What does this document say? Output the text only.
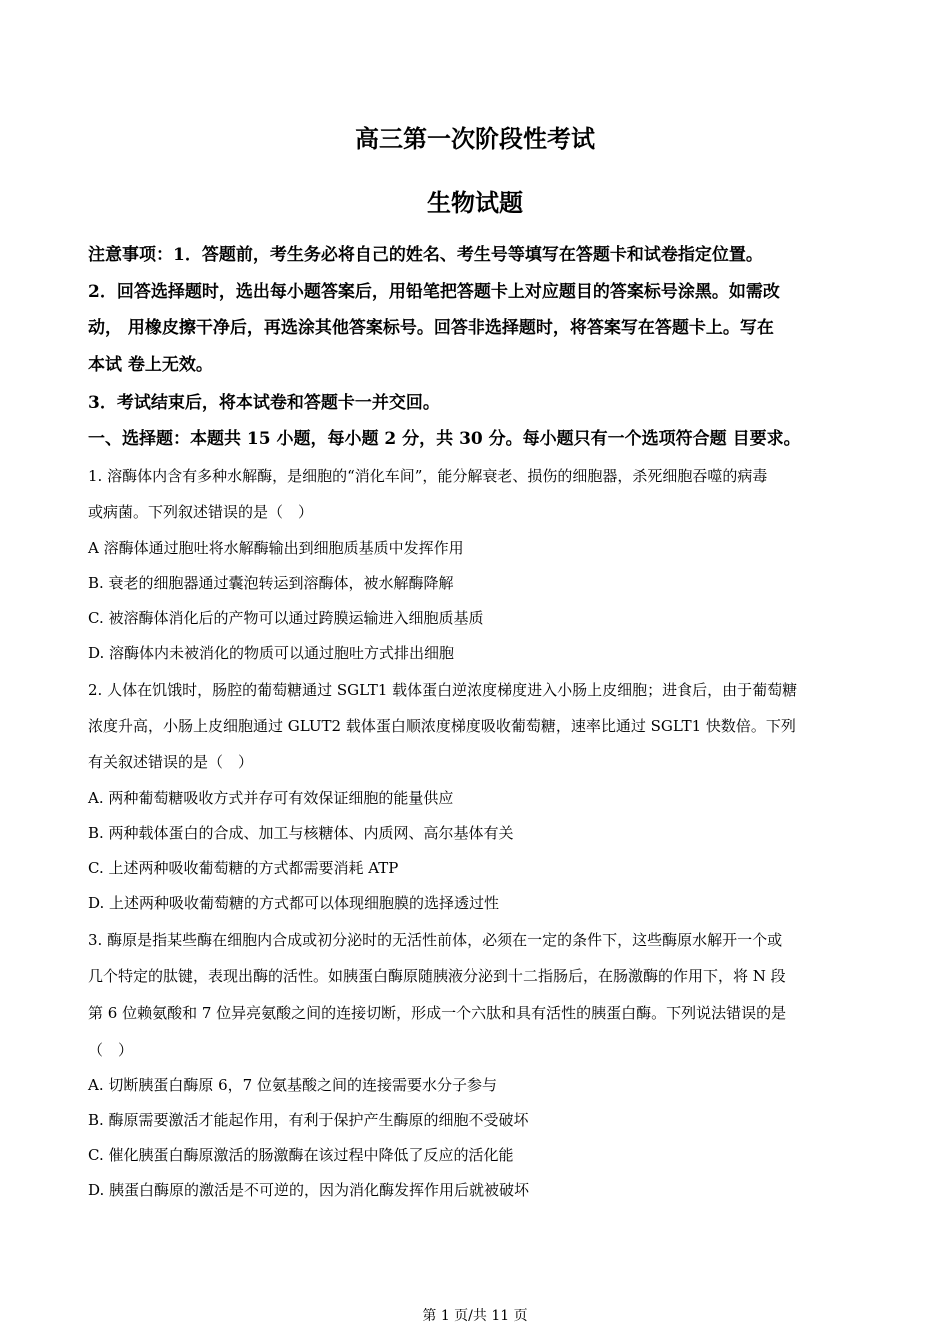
高三第一次阶段性考试
生物试题
注意事项：1．答题前，考生务必将自己的姓名、考生号等填写在答题卡和试卷指定位置。
2．回答选择题时，选出每小题答案后，用铅笔把答题卡上对应题目的答案标号涂黑。如需改
动， 用橡皮擦干净后，再选涂其他答案标号。回答非选择题时，将答案写在答题卡上。写在
本试 卷上无效。
3．考试结束后，将本试卷和答题卡一并交回。
一、选择题：本题共 15 小题，每小题 2 分，共 30 分。每小题只有一个选项符合题 目要求。
1. 溶酶体内含有多种水解酶，是细胞的“消化车间”，能分解衰老、损伤的细胞器，杀死细胞吞噬的病毒
或病菌。下列叙述错误的是（　）
A 溶酶体通过胞吐将水解酶输出到细胞质基质中发挥作用
B. 衰老的细胞器通过囊泡转运到溶酶体，被水解酶降解
C. 被溶酶体消化后的产物可以通过跨膜运输进入细胞质基质
D. 溶酶体内未被消化的物质可以通过胞吐方式排出细胞
2. 人体在饥饿时，肠腔的葡萄糖通过 SGLT1 载体蛋白逆浓度梯度进入小肠上皮细胞；进食后，由于葡萄糖
浓度升高，小肠上皮细胞通过 GLUT2 载体蛋白顺浓度梯度吸收葡萄糖，速率比通过 SGLT1 快数倍。下列
有关叙述错误的是（　）
A. 两种葡萄糖吸收方式并存可有效保证细胞的能量供应
B. 两种载体蛋白的合成、加工与核糖体、内质网、高尔基体有关
C. 上述两种吸收葡萄糖的方式都需要消耗 ATP
D. 上述两种吸收葡萄糖的方式都可以体现细胞膜的选择透过性
3. 酶原是指某些酶在细胞内合成或初分泌时的无活性前体，必须在一定的条件下，这些酶原水解开一个或
几个特定的肽键，表现出酶的活性。如胰蛋白酶原随胰液分泌到十二指肠后，在肠激酶的作用下，将 N 段
第 6 位赖氨酸和 7 位异亮氨酸之间的连接切断，形成一个六肽和具有活性的胰蛋白酶。下列说法错误的是
（　）
A. 切断胰蛋白酶原 6，7 位氨基酸之间的连接需要水分子参与
B. 酶原需要激活才能起作用，有利于保护产生酶原的细胞不受破坏
C. 催化胰蛋白酶原激活的肠激酶在该过程中降低了反应的活化能
D. 胰蛋白酶原的激活是不可逆的，因为消化酶发挥作用后就被破坏
第 1 页/共 11 页
